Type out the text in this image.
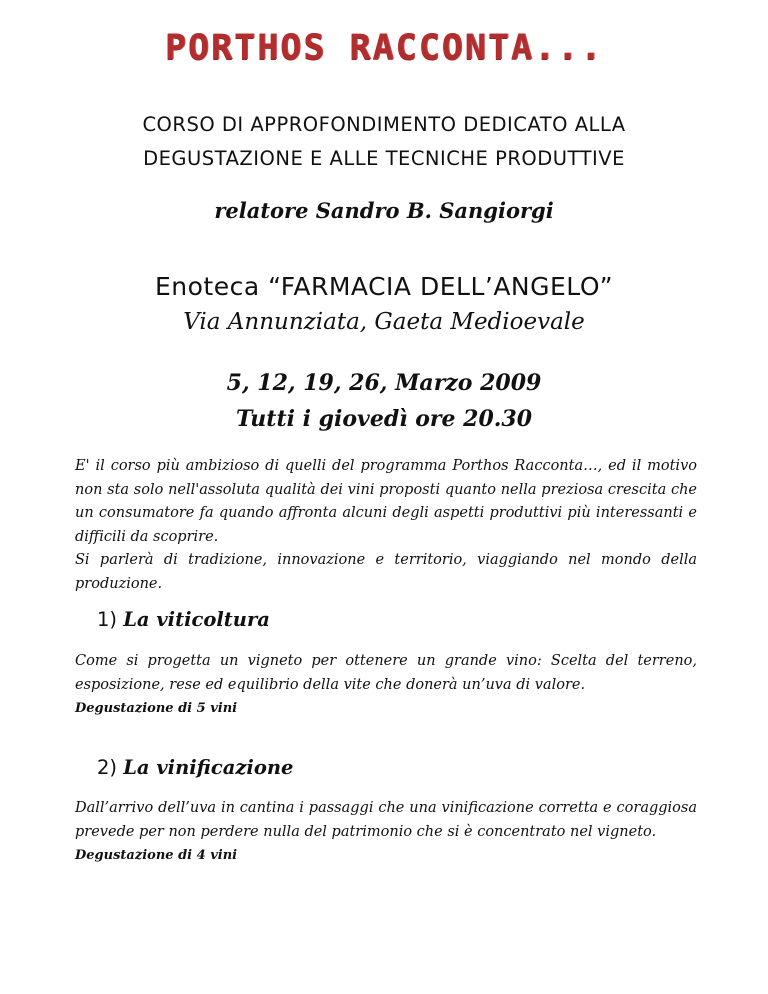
PORTHOS RACCONTA...
CORSO DI APPROFONDIMENTO DEDICATO ALLA
DEGUSTAZIONE E ALLE TECNICHE PRODUTTIVE
relatore Sandro B. Sangiorgi
Enoteca “FARMACIA DELL’ANGELO”
Via Annunziata, Gaeta Medioevale
5, 12, 19, 26, Marzo 2009
Tutti i giovedì ore 20.30
E' il corso più ambizioso di quelli del programma Porthos Racconta…, ed il motivo non sta solo nell'assoluta qualità dei vini proposti quanto nella preziosa crescita che un consumatore fa quando affronta alcuni degli aspetti produttivi più interessanti e difficili da scoprire.
Si parlerà di tradizione, innovazione e territorio, viaggiando nel mondo della produzione.
1) La viticoltura
Come si progetta un vigneto per ottenere un grande vino: Scelta del terreno, esposizione, rese ed equilibrio della vite che donerà un’uva di valore.
Degustazione di 5 vini
2) La vinificazione
Dall’arrivo dell’uva in cantina i passaggi che una vinificazione corretta e coraggiosa prevede per non perdere nulla del patrimonio che si è concentrato nel vigneto.
Degustazione di 4 vini
